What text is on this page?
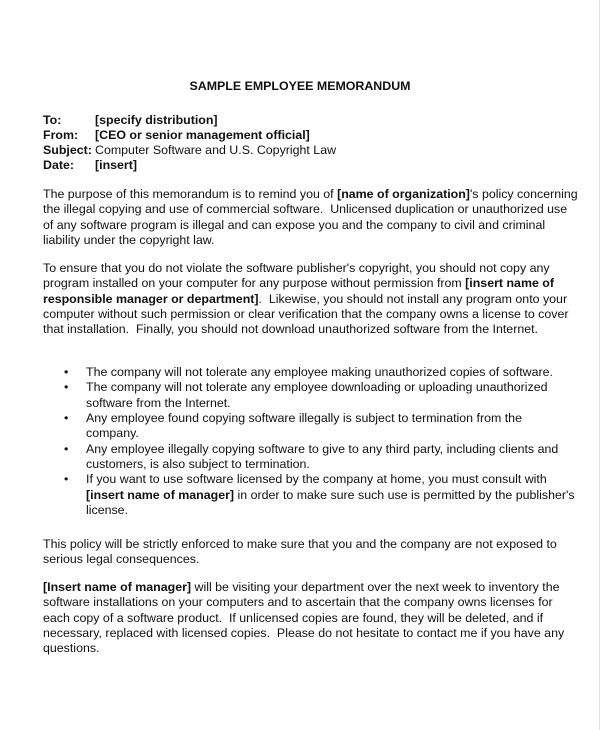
SAMPLE EMPLOYEE MEMORANDUM
To:	[specify distribution]
From:	[CEO or senior management official]
Subject: Computer Software and U.S. Copyright Law
Date:	[insert]
The purpose of this memorandum is to remind you of [name of organization]'s policy concerning
the illegal copying and use of commercial software.  Unlicensed duplication or unauthorized use
of any software program is illegal and can expose you and the company to civil and criminal
liability under the copyright law.
To ensure that you do not violate the software publisher's copyright, you should not copy any
program installed on your computer for any purpose without permission from [insert name of
responsible manager or department].  Likewise, you should not install any program onto your
computer without such permission or clear verification that the company owns a license to cover
that installation.  Finally, you should not download unauthorized software from the Internet.
• The company will not tolerate any employee making unauthorized copies of software.
• The company will not tolerate any employee downloading or uploading unauthorized
software from the Internet.
• Any employee found copying software illegally is subject to termination from the
company.
• Any employee illegally copying software to give to any third party, including clients and
customers, is also subject to termination.
• If you want to use software licensed by the company at home, you must consult with
[insert name of manager] in order to make sure such use is permitted by the publisher's
license.
This policy will be strictly enforced to make sure that you and the company are not exposed to
serious legal consequences.
[Insert name of manager] will be visiting your department over the next week to inventory the
software installations on your computers and to ascertain that the company owns licenses for
each copy of a software product.  If unlicensed copies are found, they will be deleted, and if
necessary, replaced with licensed copies.  Please do not hesitate to contact me if you have any
questions.
